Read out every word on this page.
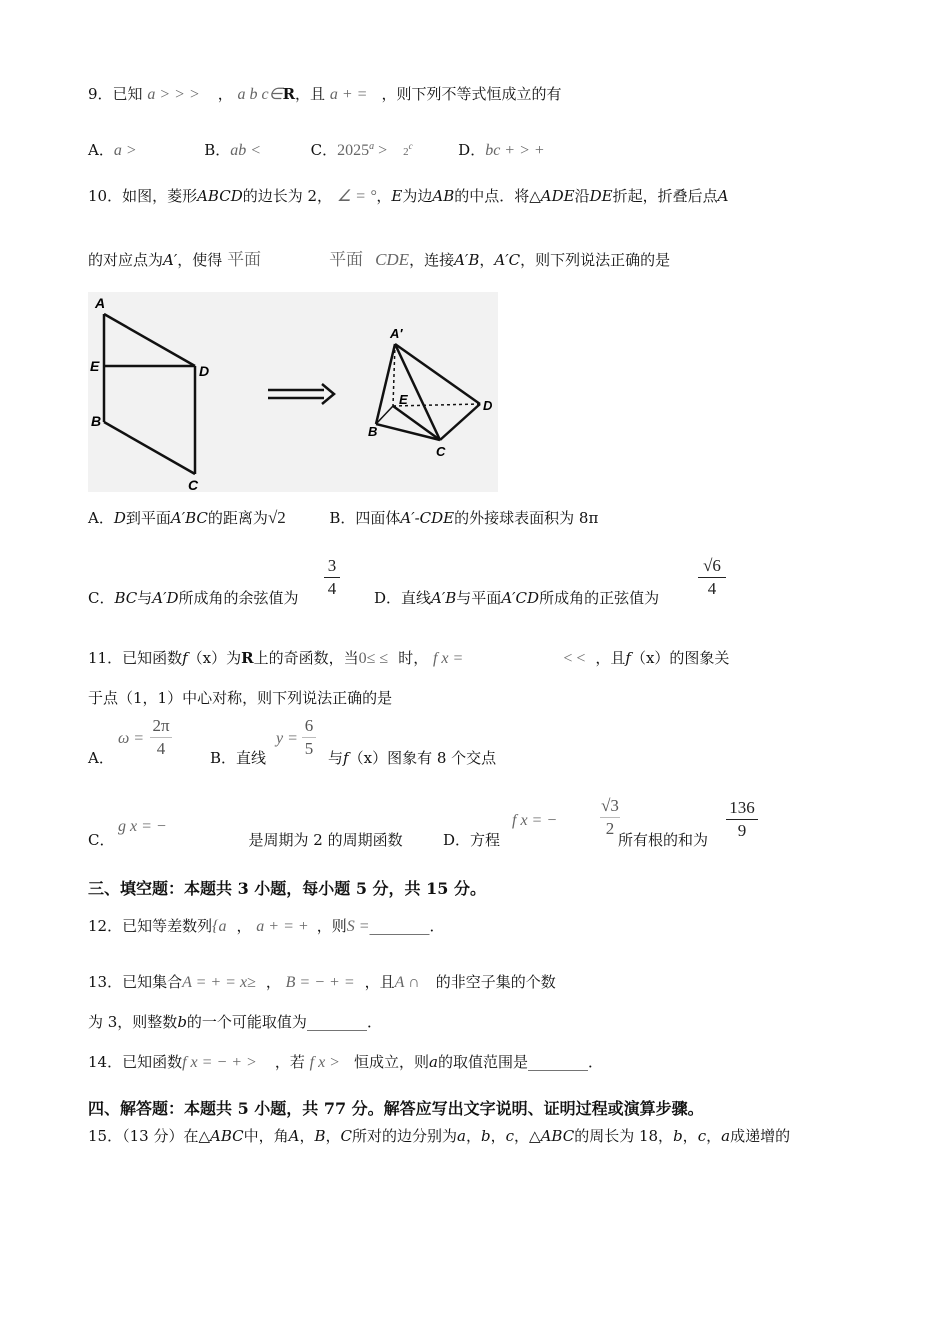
9．已知 a > > > ， a b c∈R，且 a + = ，则下列不等式恒成立的有
A．a >	B．ab <	C．$2025^a > 2^c$	D．bc + > +
10．如图，菱形ABCD的边长为 2， ∠ = °，E为边AB的中点．将△ADE沿DE折起，折叠后点A
的对应点为A′，使得 平面	平面 CDE，连接A′B，A′C，则下列说法正确的是
A
E	D
B
C
A′
E	D
B
C
A．D到平面A′BC的距离为√2	B．四面体A′-CDE的外接球表面积为 8π
C．BC与A′D所成角的余弦值为
3
4	D．直线A′B与平面A′CD所成角的正弦值为
√6
4
11．已知函数f（x）为R上的奇函数，当0≤ ≤ 时， f x =	< < ，且f（x）的图象关
于点（1，1）中心对称，则下列说法正确的是
A．
ω =
2π
4	B．直线	与f（x）图象有 8 个交点
y =
6
5
C．	是周期为 2 的周期函数
g x = −
D．方程	所有根的和为
f x = −
√3
2
136
9
三、填空题：本题共 3 小题，每小题 5 分，共 15 分。
12．已知等差数列{a ， a + = + ，则S =________．
13．已知集合A = + = x≥ ， B = − + = ，且A ∩ 的非空子集的个数
为 3，则整数b的一个可能取值为________．
14．已知函数f x = − + > ，若 f x > 恒成立，则a的取值范围是________．
四、解答题：本题共 5 小题，共 77 分。解答应写出文字说明、证明过程或演算步骤。
15．（13 分）在△ABC中，角A，B，C所对的边分别为a，b，c，△ABC的周长为 18，b，c，a成递增的
